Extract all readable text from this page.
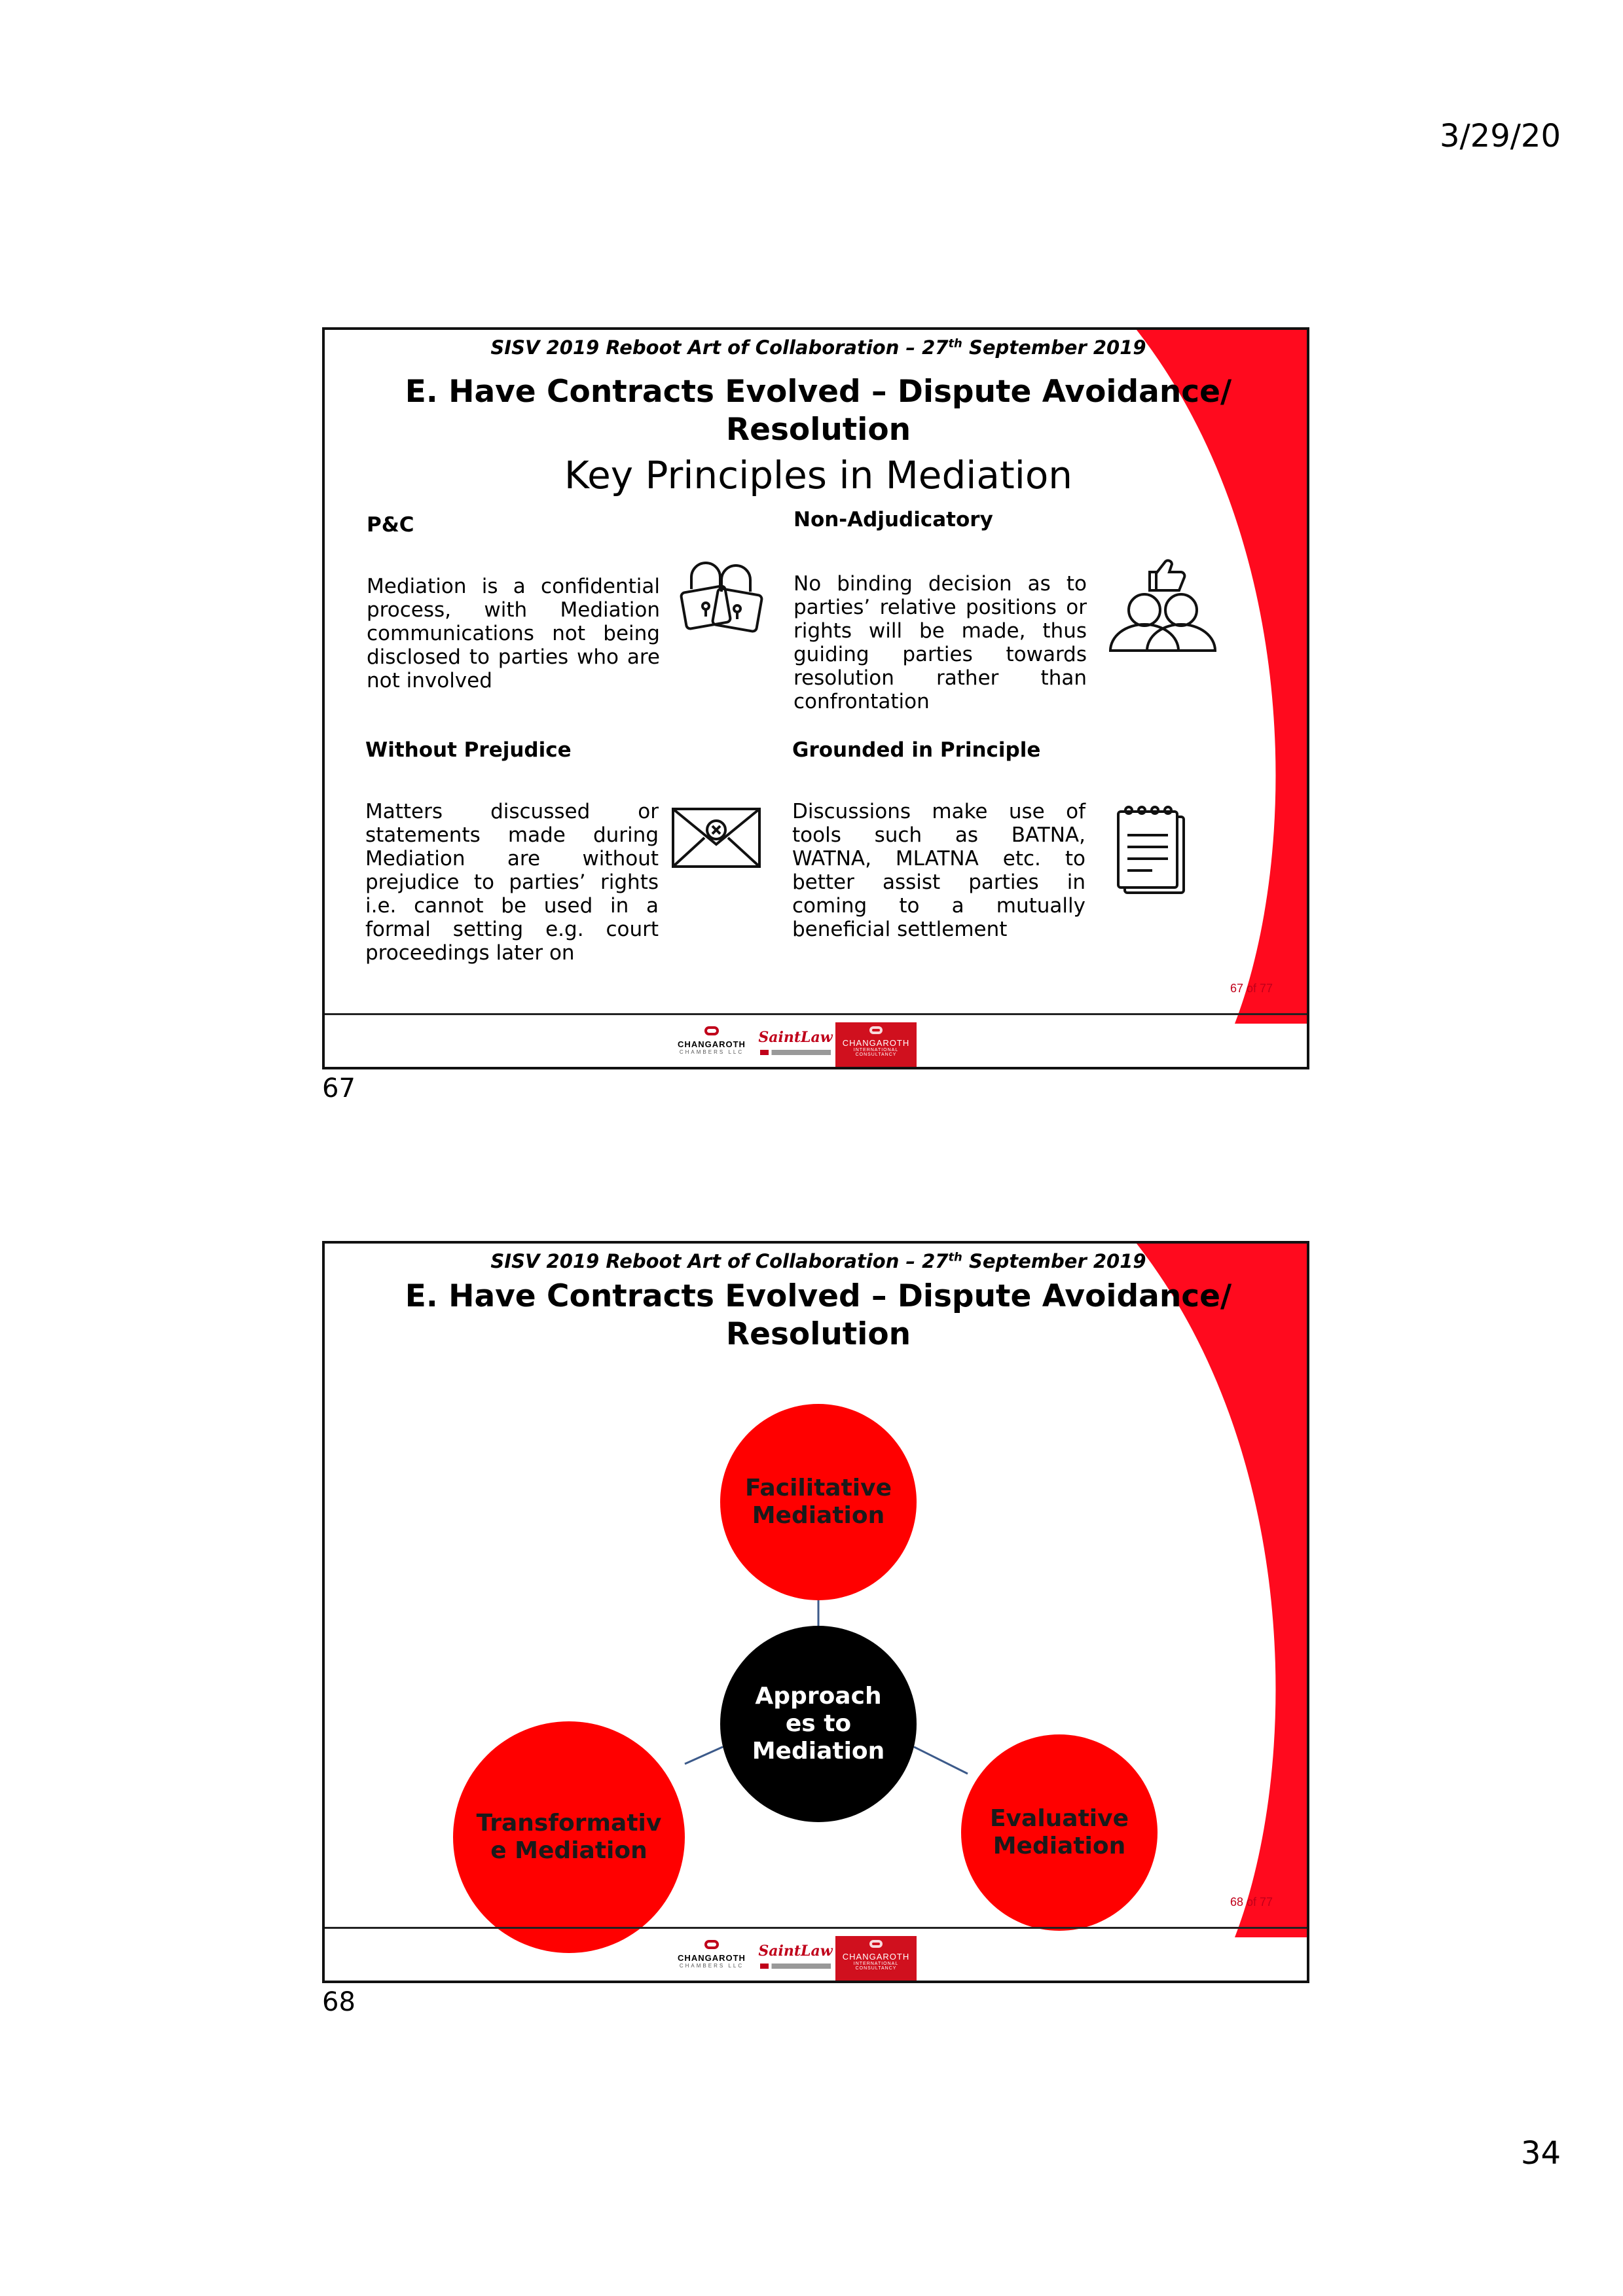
3/29/20
SISV 2019 Reboot Art of Collaboration – 27th September 2019
E. Have Contracts Evolved – Dispute Avoidance/
Resolution
Key Principles in Mediation
P&C
Mediation is a confidential process, with Mediation communications not being disclosed to parties who are not involved
Non-Adjudicatory
No binding decision as to parties’ relative positions or rights will be made, thus guiding parties towards resolution rather than confrontation
Without Prejudice
Matters discussed or statements made during Mediation are without prejudice to parties’ rights i.e. cannot be used in a formal setting e.g. court proceedings later on
Grounded in Principle
Discussions make use of tools such as BATNA, WATNA, MLATNA etc. to better assist parties in coming to a mutually beneficial settlement
67 of 77
CHANGAROTH
CHAMBERS LLC
SaintLaw	CHANGAROTH
INTERNATIONAL CONSULTANCY
67
SISV 2019 Reboot Art of Collaboration – 27th September 2019
E. Have Contracts Evolved – Dispute Avoidance/
Resolution
Approach
es to
Mediation
Facilitative
Mediation
Transformativ
e Mediation
Evaluative
Mediation
68 of 77
CHANGAROTH
CHAMBERS LLC
SaintLaw	CHANGAROTH
INTERNATIONAL CONSULTANCY
68
34
